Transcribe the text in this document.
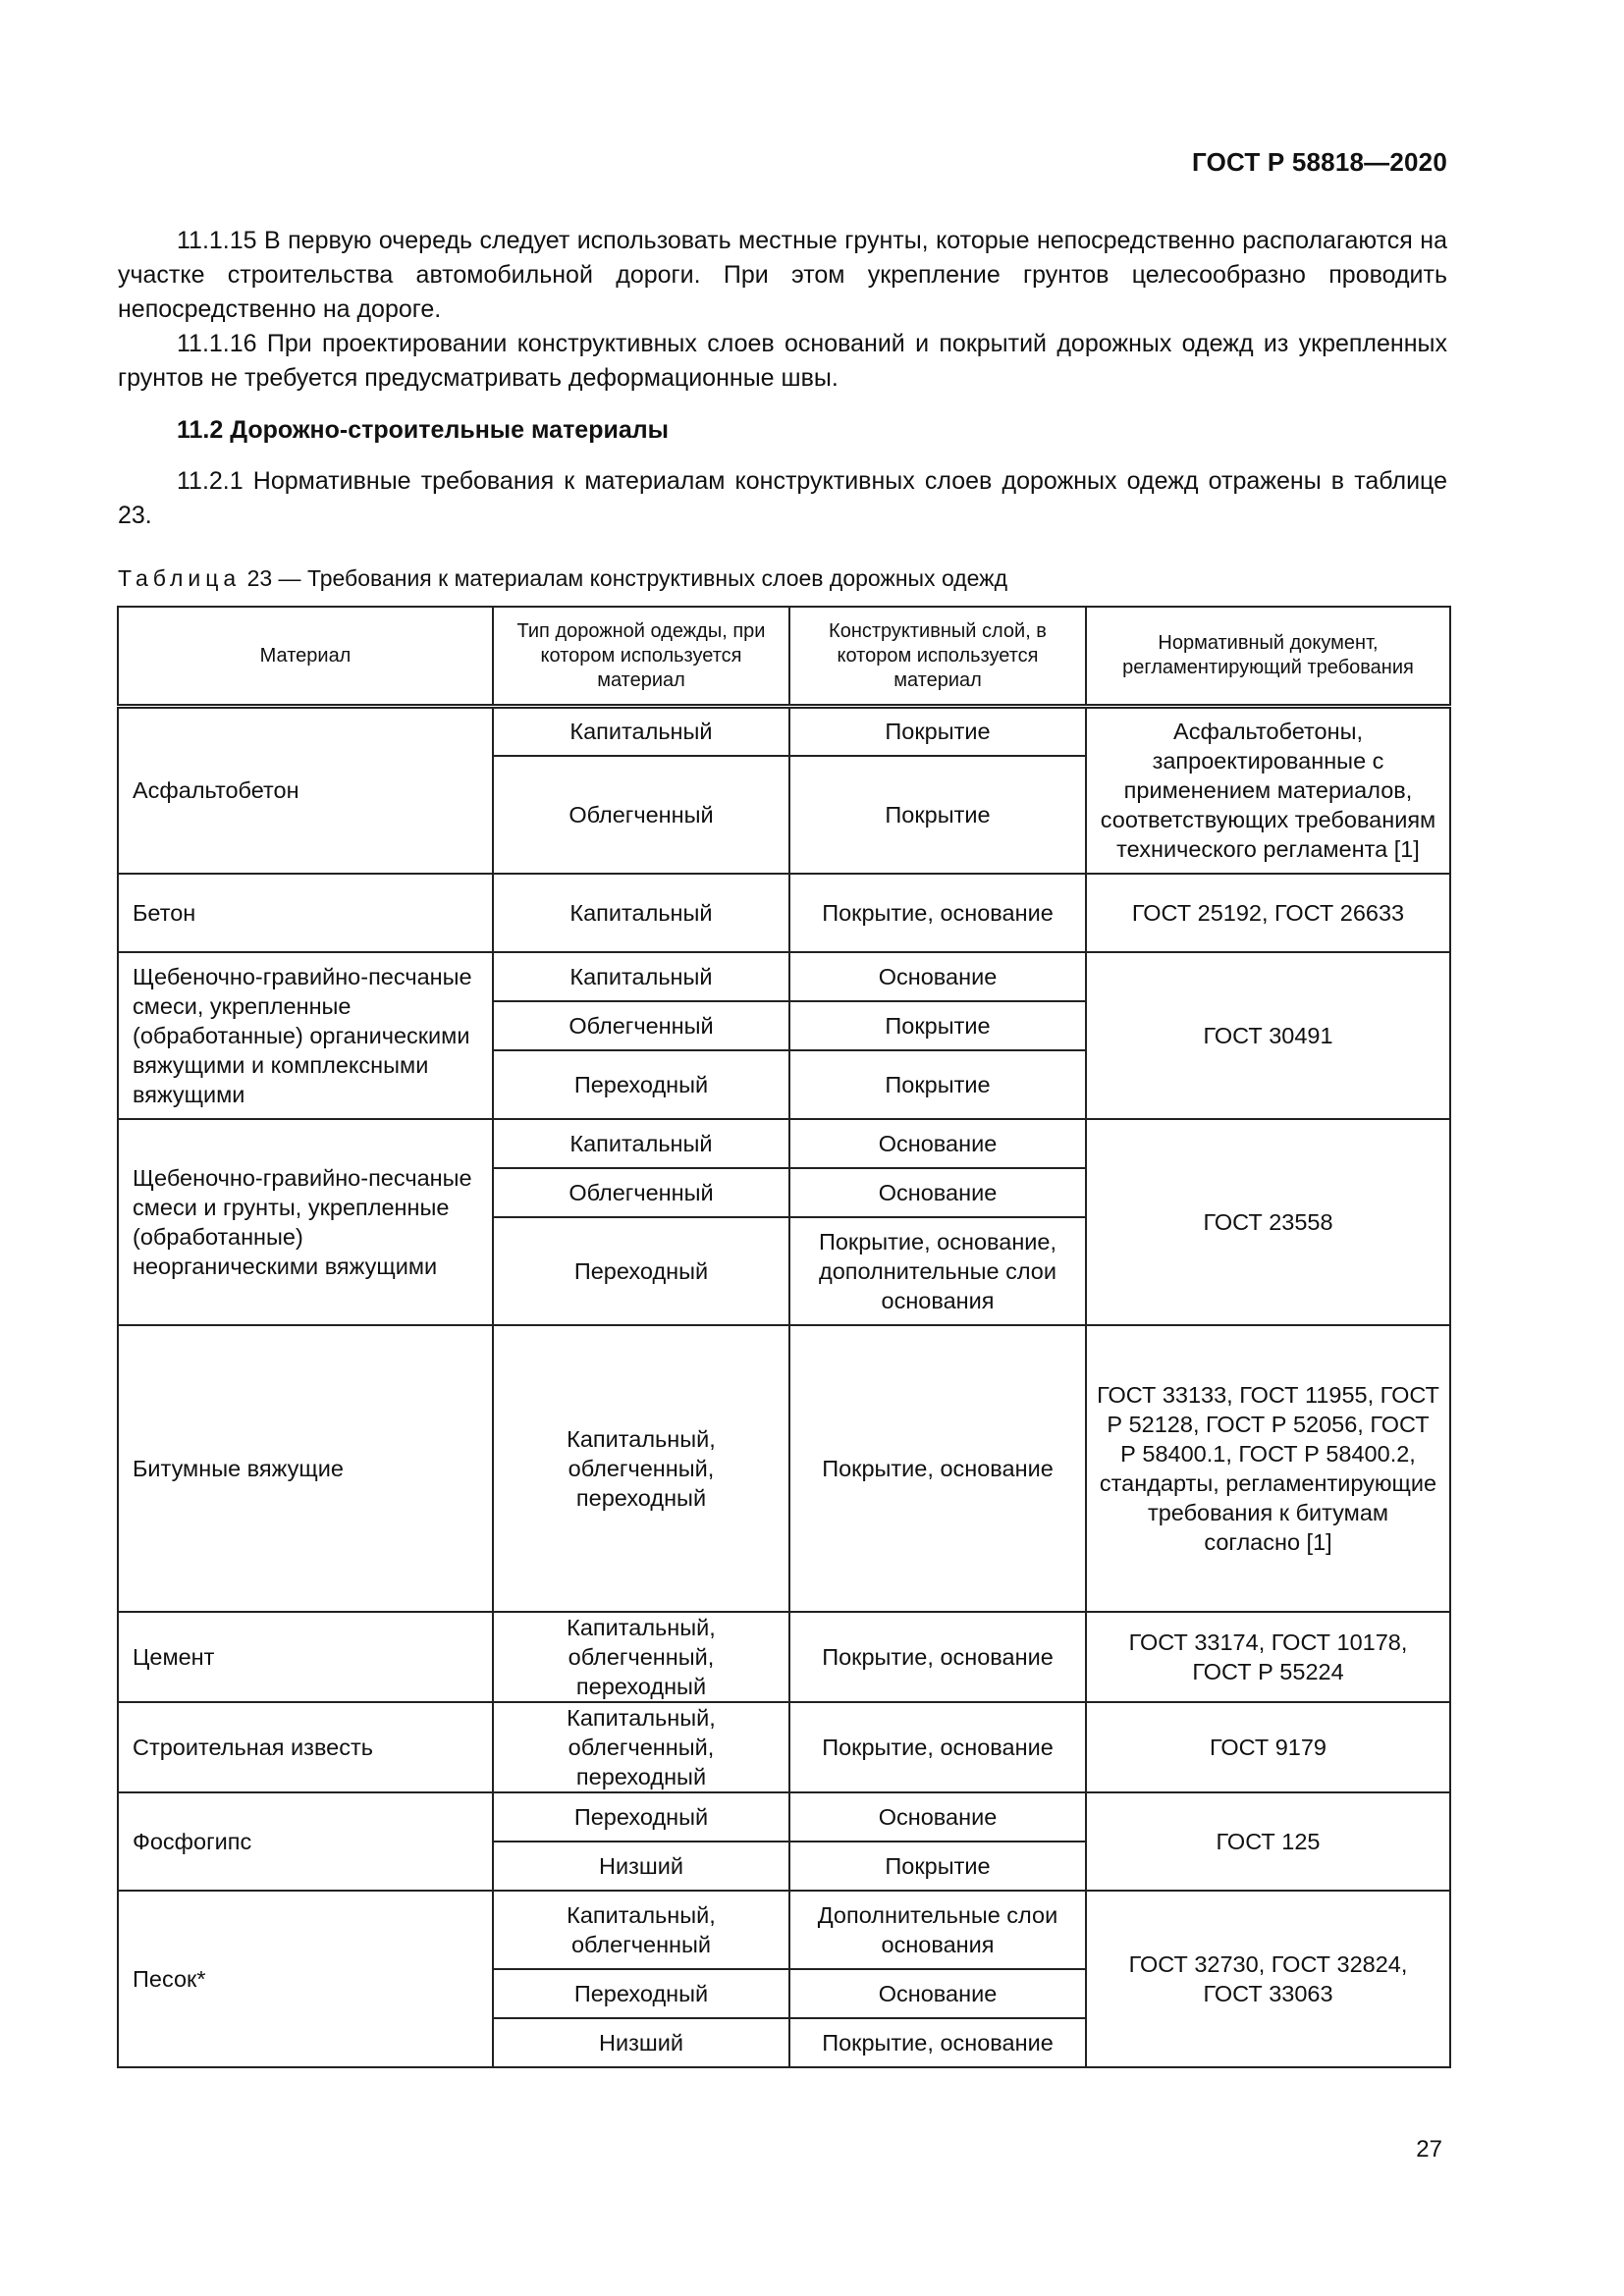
ГОСТ Р 58818—2020

11.1.15 В первую очередь следует использовать местные грунты, которые непосредственно располагаются на участке строительства автомобильной дороги. При этом укрепление грунтов целесообразно проводить непосредственно на дороге.

11.1.16 При проектировании конструктивных слоев оснований и покрытий дорожных одежд из укрепленных грунтов не требуется предусматривать деформационные швы.

11.2 Дорожно-строительные материалы

11.2.1 Нормативные требования к материалам конструктивных слоев дорожных одежд отражены в таблице 23.

Таблица 23 — Требования к материалам конструктивных слоев дорожных одежд
Материал	Тип дорожной одежды, при котором используется материал	Конструктивный слой, в котором используется материал	Нормативный документ, регламентирующий требования
Асфальтобетон	Капитальный	Покрытие	Асфальтобетоны, запроектированные с применением материалов, соответствующих требованиям технического регламента [1]
	Облегченный	Покрытие	
Бетон	Капитальный	Покрытие, основание	ГОСТ 25192, ГОСТ 26633
Щебеночно-гравийно-песчаные смеси, укрепленные (обработанные) органическими вяжущими и комплексными вяжущими	Капитальный	Основание	ГОСТ 30491
	Облегченный	Покрытие	
	Переходный	Покрытие	
Щебеночно-гравийно-песчаные смеси и грунты, укрепленные (обработанные) неорганическими вяжущими	Капитальный	Основание	ГОСТ 23558
	Облегченный	Основание	
	Переходный	Покрытие, основание, дополнительные слои основания	
Битумные вяжущие	Капитальный, облегченный, переходный	Покрытие, основание	ГОСТ 33133, ГОСТ 11955, ГОСТ Р 52128, ГОСТ Р 52056, ГОСТ Р 58400.1, ГОСТ Р 58400.2, стандарты, регламентирующие требования к битумам согласно [1]
Цемент	Капитальный, облегченный, переходный	Покрытие, основание	ГОСТ 33174, ГОСТ 10178, ГОСТ Р 55224
Строительная известь	Капитальный, облегченный, переходный	Покрытие, основание	ГОСТ 9179
Фосфогипс	Переходный	Основание	ГОСТ 125
	Низший	Покрытие	
Песок*	Капитальный, облегченный	Дополнительные слои основания	ГОСТ 32730, ГОСТ 32824, ГОСТ 33063
	Переходный	Основание	
	Низший	Покрытие, основание	
27
